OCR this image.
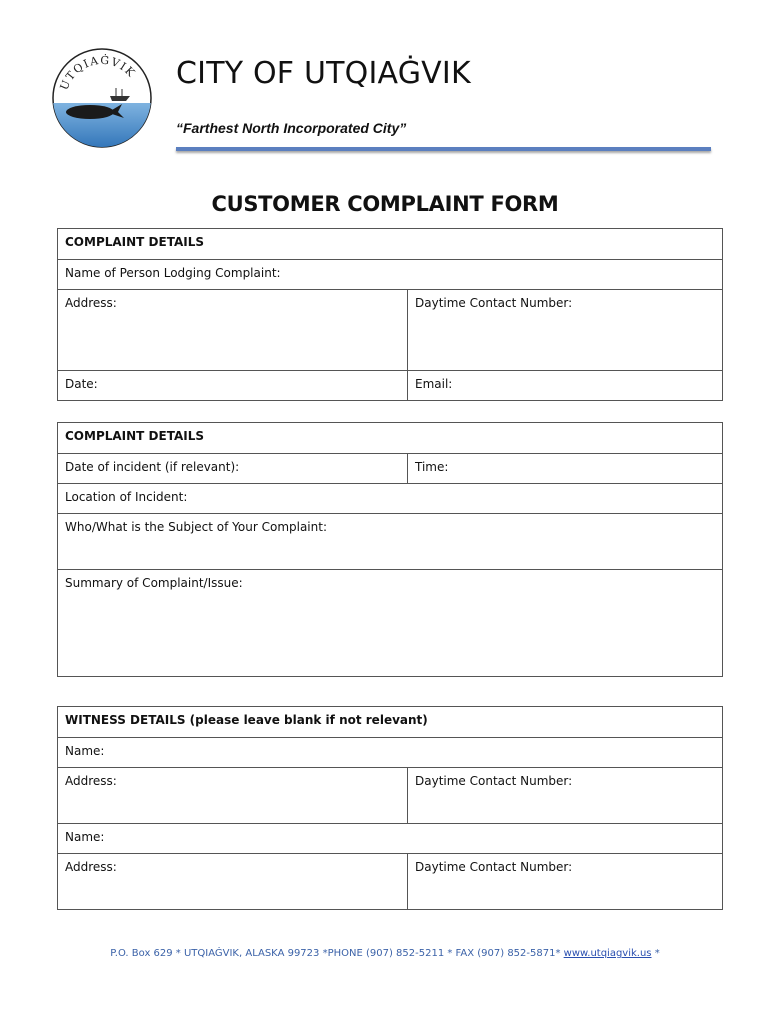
UTQIAĠVIK CITY OF UTQIAĠVIK
“Farthest North Incorporated City”
CUSTOMER COMPLAINT FORM
COMPLAINT DETAILS
Name of Person Lodging Complaint:
Address:	Daytime Contact Number:
Date:	Email:
COMPLAINT DETAILS
Date of incident (if relevant):	Time:
Location of Incident:
Who/What is the Subject of Your Complaint:
Summary of Complaint/Issue:
WITNESS DETAILS (please leave blank if not relevant)
Name:
Address:	Daytime Contact Number:
Name:
Address:	Daytime Contact Number:
P.O. Box 629 * UTQIAĠVIK, ALASKA 99723 *PHONE (907) 852-5211 * FAX (907) 852-5871* www.utqiagvik.us *
